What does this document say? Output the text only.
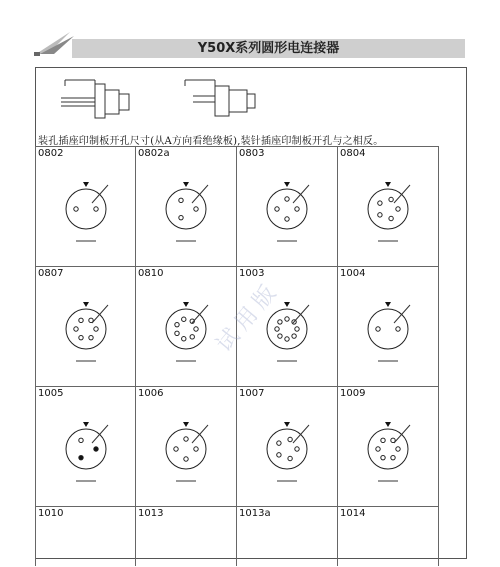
Y50X系列圆形电连接器
装孔插座印制板开孔尺寸(从A方向看绝缘板),装针插座印制板开孔与之相反。
0802	0802a	0803	0804
0807	0810	1003	1004
1005	1006	1007	1009
1010	1013	1013a	1014
试用版
